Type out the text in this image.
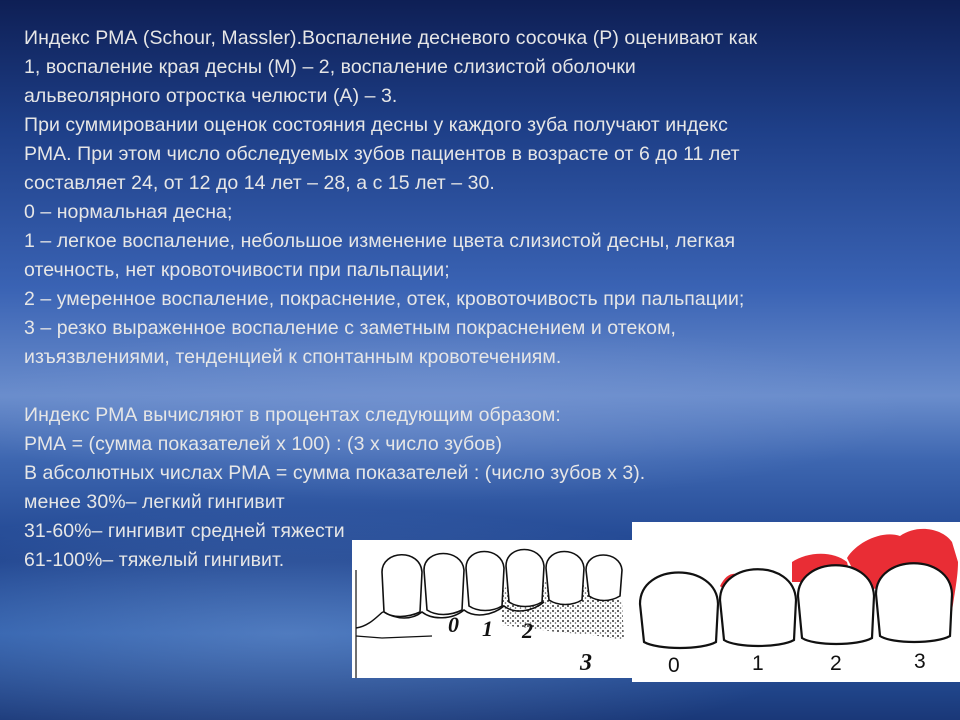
Индекс РМА (Schour, Massler).Воспаление десневого сосочка (Р) оценивают как
1, воспаление края десны (М) – 2, воспаление слизистой оболочки
альвеолярного отростка челюсти (А) – 3.
При суммировании оценок состояния десны у каждого зуба получают индекс
РМА. При этом число обследуемых зубов пациентов в возрасте от 6 до 11 лет
составляет 24, от 12 до 14 лет – 28, а с 15 лет – 30.
0 – нормальная десна;
1 – легкое воспаление, небольшое изменение цвета слизистой десны, легкая
отечность, нет кровоточивости при пальпации;
2 – умеренное воспаление, покраснение, отек, кровоточивость при пальпации;
3 – резко выраженное воспаление с заметным покраснением и отеком,
изъязвлениями, тенденцией к спонтанным кровотечениям.
Индекс РМА вычисляют в процентах следующим образом:
РМА = (сумма показателей х 100) : (3 х число зубов)
В абсолютных числах РМА = сумма показателей : (число зубов х 3).
менее 30%– легкий гингивит
31-60%– гингивит средней тяжести
61-100%– тяжелый гингивит.
0 1 2
3	0	1	2	3
